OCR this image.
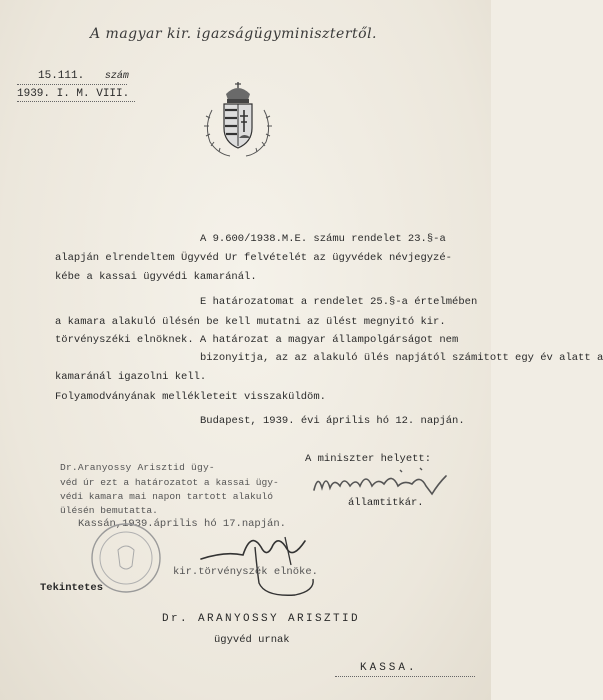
A magyar kir. igazságügyminisztertől.
15.111. szám
1939. I. M. VIII.
A 9.600/1938.M.E. számu rendelet 23.§-a
alapján elrendeltem Ügyvéd Ur felvételét az ügyvédek névjegyzé-
kébe a kassai ügyvédi kamaránál.
E határozatomat a rendelet 25.§-a értelmében
a kamara alakuló ülésén be kell mutatni az ülést megnyitó kir.
törvényszéki elnöknek. A határozat a magyar állampolgárságot nem
bizonyitja, az az alakuló ülés napjától számitott egy év alatt a
kamaránál igazolni kell.
Folyamodványának mellékleteit visszaküldöm.
Budapest, 1939. évi április hó 12. napján.
A miniszter helyett:
államtitkár.
Dr.Aranyossy Arisztid ügy-
véd úr ezt a határozatot a kassai ügy-
védi kamara mai napon tartott alakuló
ülésén bemutatta.
Kassán,1939.április hó 17.napján.
kir.törvényszék elnöke.
Tekintetes
Dr. ARANYOSSY ARISZTID
ügyvéd urnak
KASSA.
